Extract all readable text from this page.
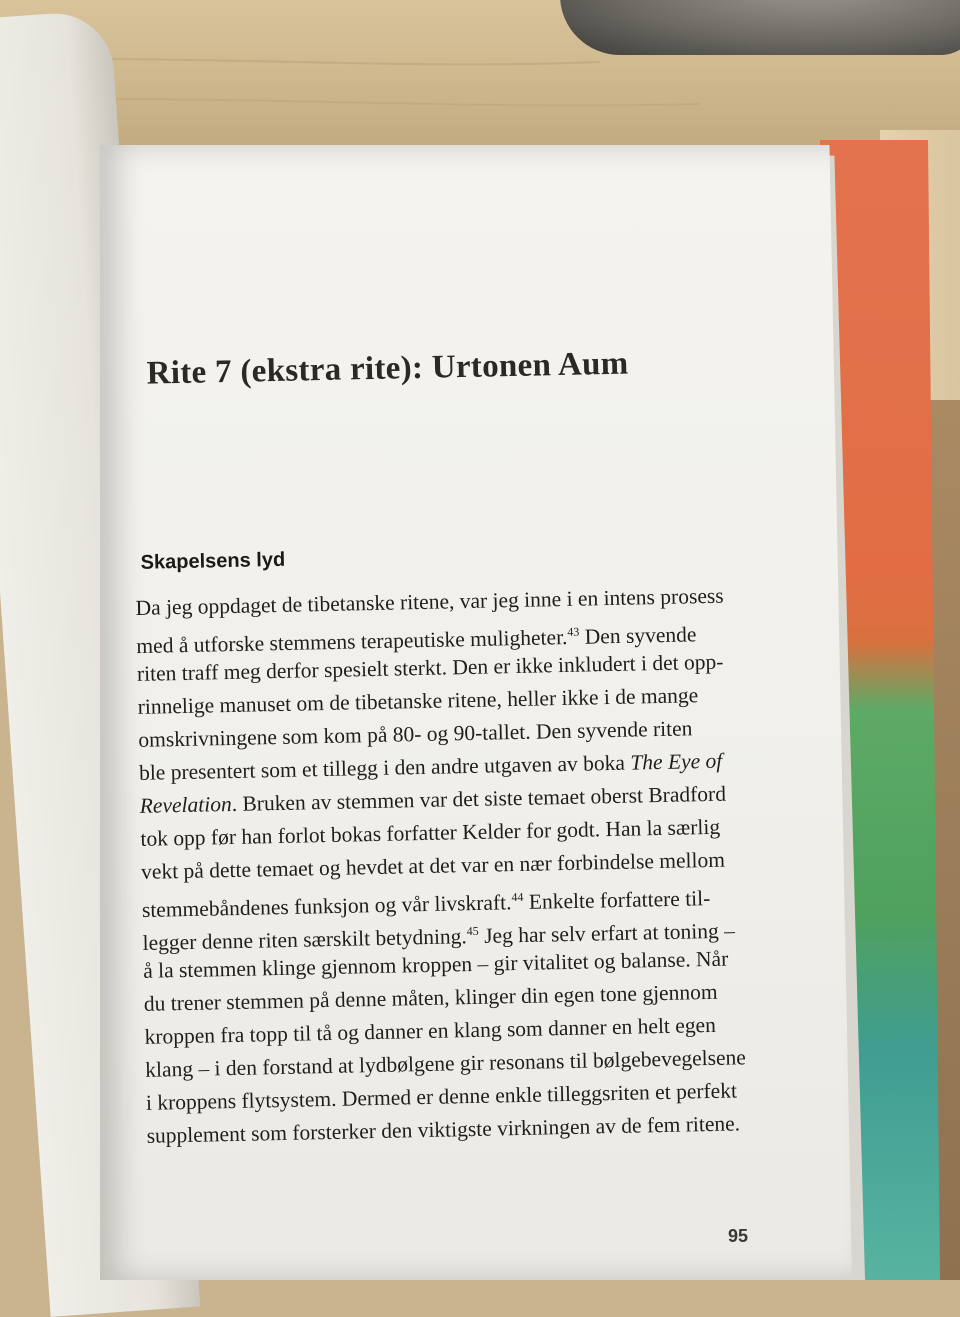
Rite 7 (ekstra rite): Urtonen Aum
Skapelsens lyd
Da jeg oppdaget de tibetanske ritene, var jeg inne i en intens prosess
med å utforske stemmens terapeutiske muligheter.$^{43}$ Den syvende
riten traff meg derfor spesielt sterkt. Den er ikke inkludert i det opp-
rinnelige manuset om de tibetanske ritene, heller ikke i de mange
omskrivningene som kom på 80- og 90-tallet. Den syvende riten
ble presentert som et tillegg i den andre utgaven av boka The Eye of
Revelation. Bruken av stemmen var det siste temaet oberst Bradford
tok opp før han forlot bokas forfatter Kelder for godt. Han la særlig
vekt på dette temaet og hevdet at det var en nær forbindelse mellom
stemmebåndenes funksjon og vår livskraft.$^{44}$ Enkelte forfattere til-
legger denne riten særskilt betydning.$^{45}$ Jeg har selv erfart at toning –
å la stemmen klinge gjennom kroppen – gir vitalitet og balanse. Når
du trener stemmen på denne måten, klinger din egen tone gjennom
kroppen fra topp til tå og danner en klang som danner en helt egen
klang – i den forstand at lydbølgene gir resonans til bølgebevegelsene
i kroppens flytsystem. Dermed er denne enkle tilleggsriten et perfekt
supplement som forsterker den viktigste virkningen av de fem ritene.
95
